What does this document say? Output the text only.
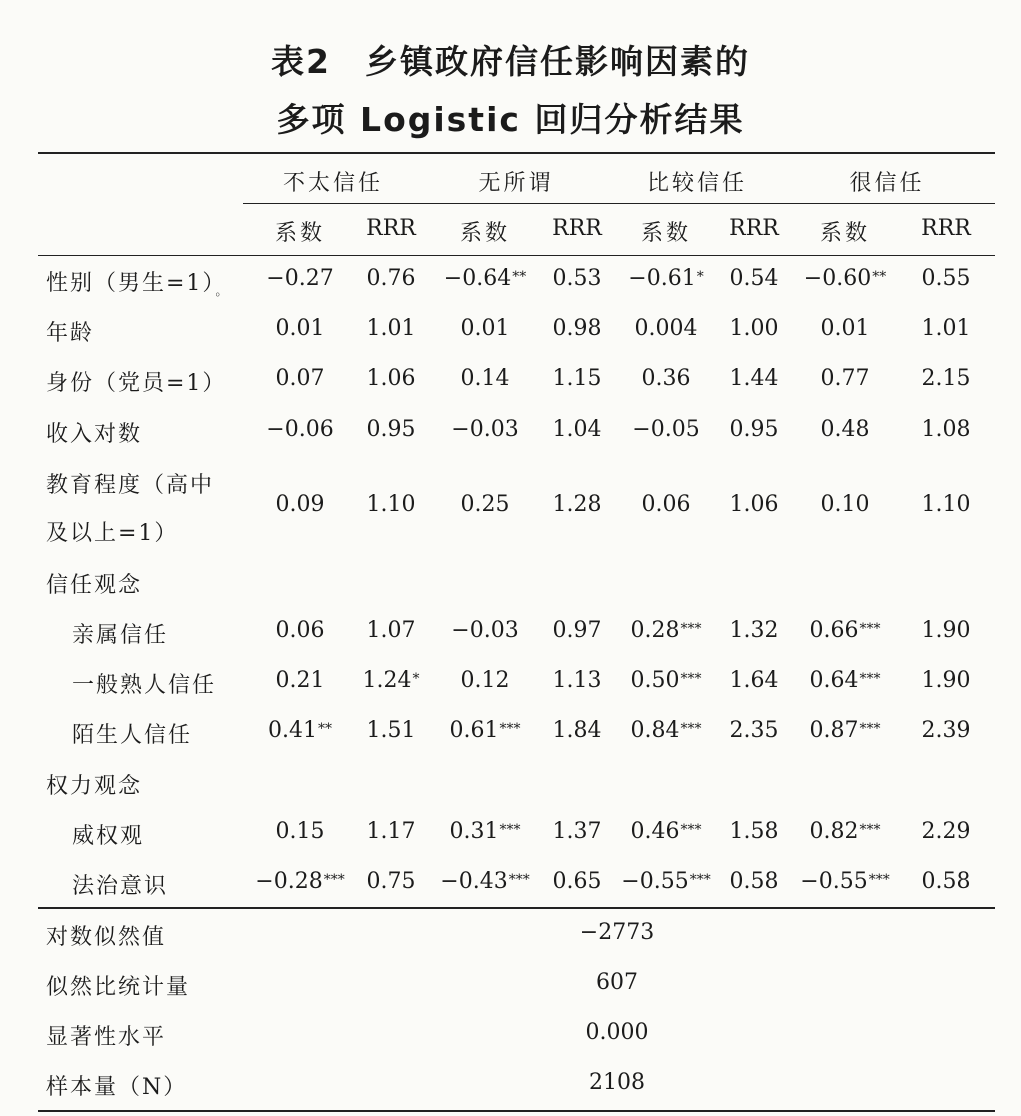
表2 乡镇政府信任影响因素的
多项 Logistic 回归分析结果
不太信任	无所谓	比较信任	很信任
系数 RRR 系数 RRR 系数 RRR 系数 RRR
性别（男生$=1)_。 -0.27$ 0.76 −0.64** 0.53 −0.61* 0.54 −0.60** 0.55
年龄	0.01 1.01 0.01 0.98 0.004 1.00 0.01 1.01
身份（党员=1） 0.07 1.06 0.14 1.15 0.36 1.44 0.77 2.15
收入对数	−0.06 0.95 −0.03 1.04 −0.05 0.95 0.48 1.08
教育程度（高中
及以上=1）
0.09 1.10 0.25 1.28 0.06 1.06 0.10 1.10
信任观念
亲属信任	0.06 1.07 −0.03 0.97 0.28*** 1.32 0.66*** 1.90
一般熟人信任	0.21 1.24* 0.12 1.13 0.50*** 1.64 0.64*** 1.90
陌生人信任	0.41** 1.51 0.61*** 1.84 0.84*** 2.35 0.87*** 2.39
权力观念
威权观	0.15 1.17 0.31*** 1.37 0.46*** 1.58 0.82*** 2.29
法治意识	−0.28*** 0.75 −0.43*** 0.65 −0.55*** 0.58 −0.55*** 0.58
对数似然值	−2773
似然比统计量	607
显著性水平	0.000
样本量（N）	2108
